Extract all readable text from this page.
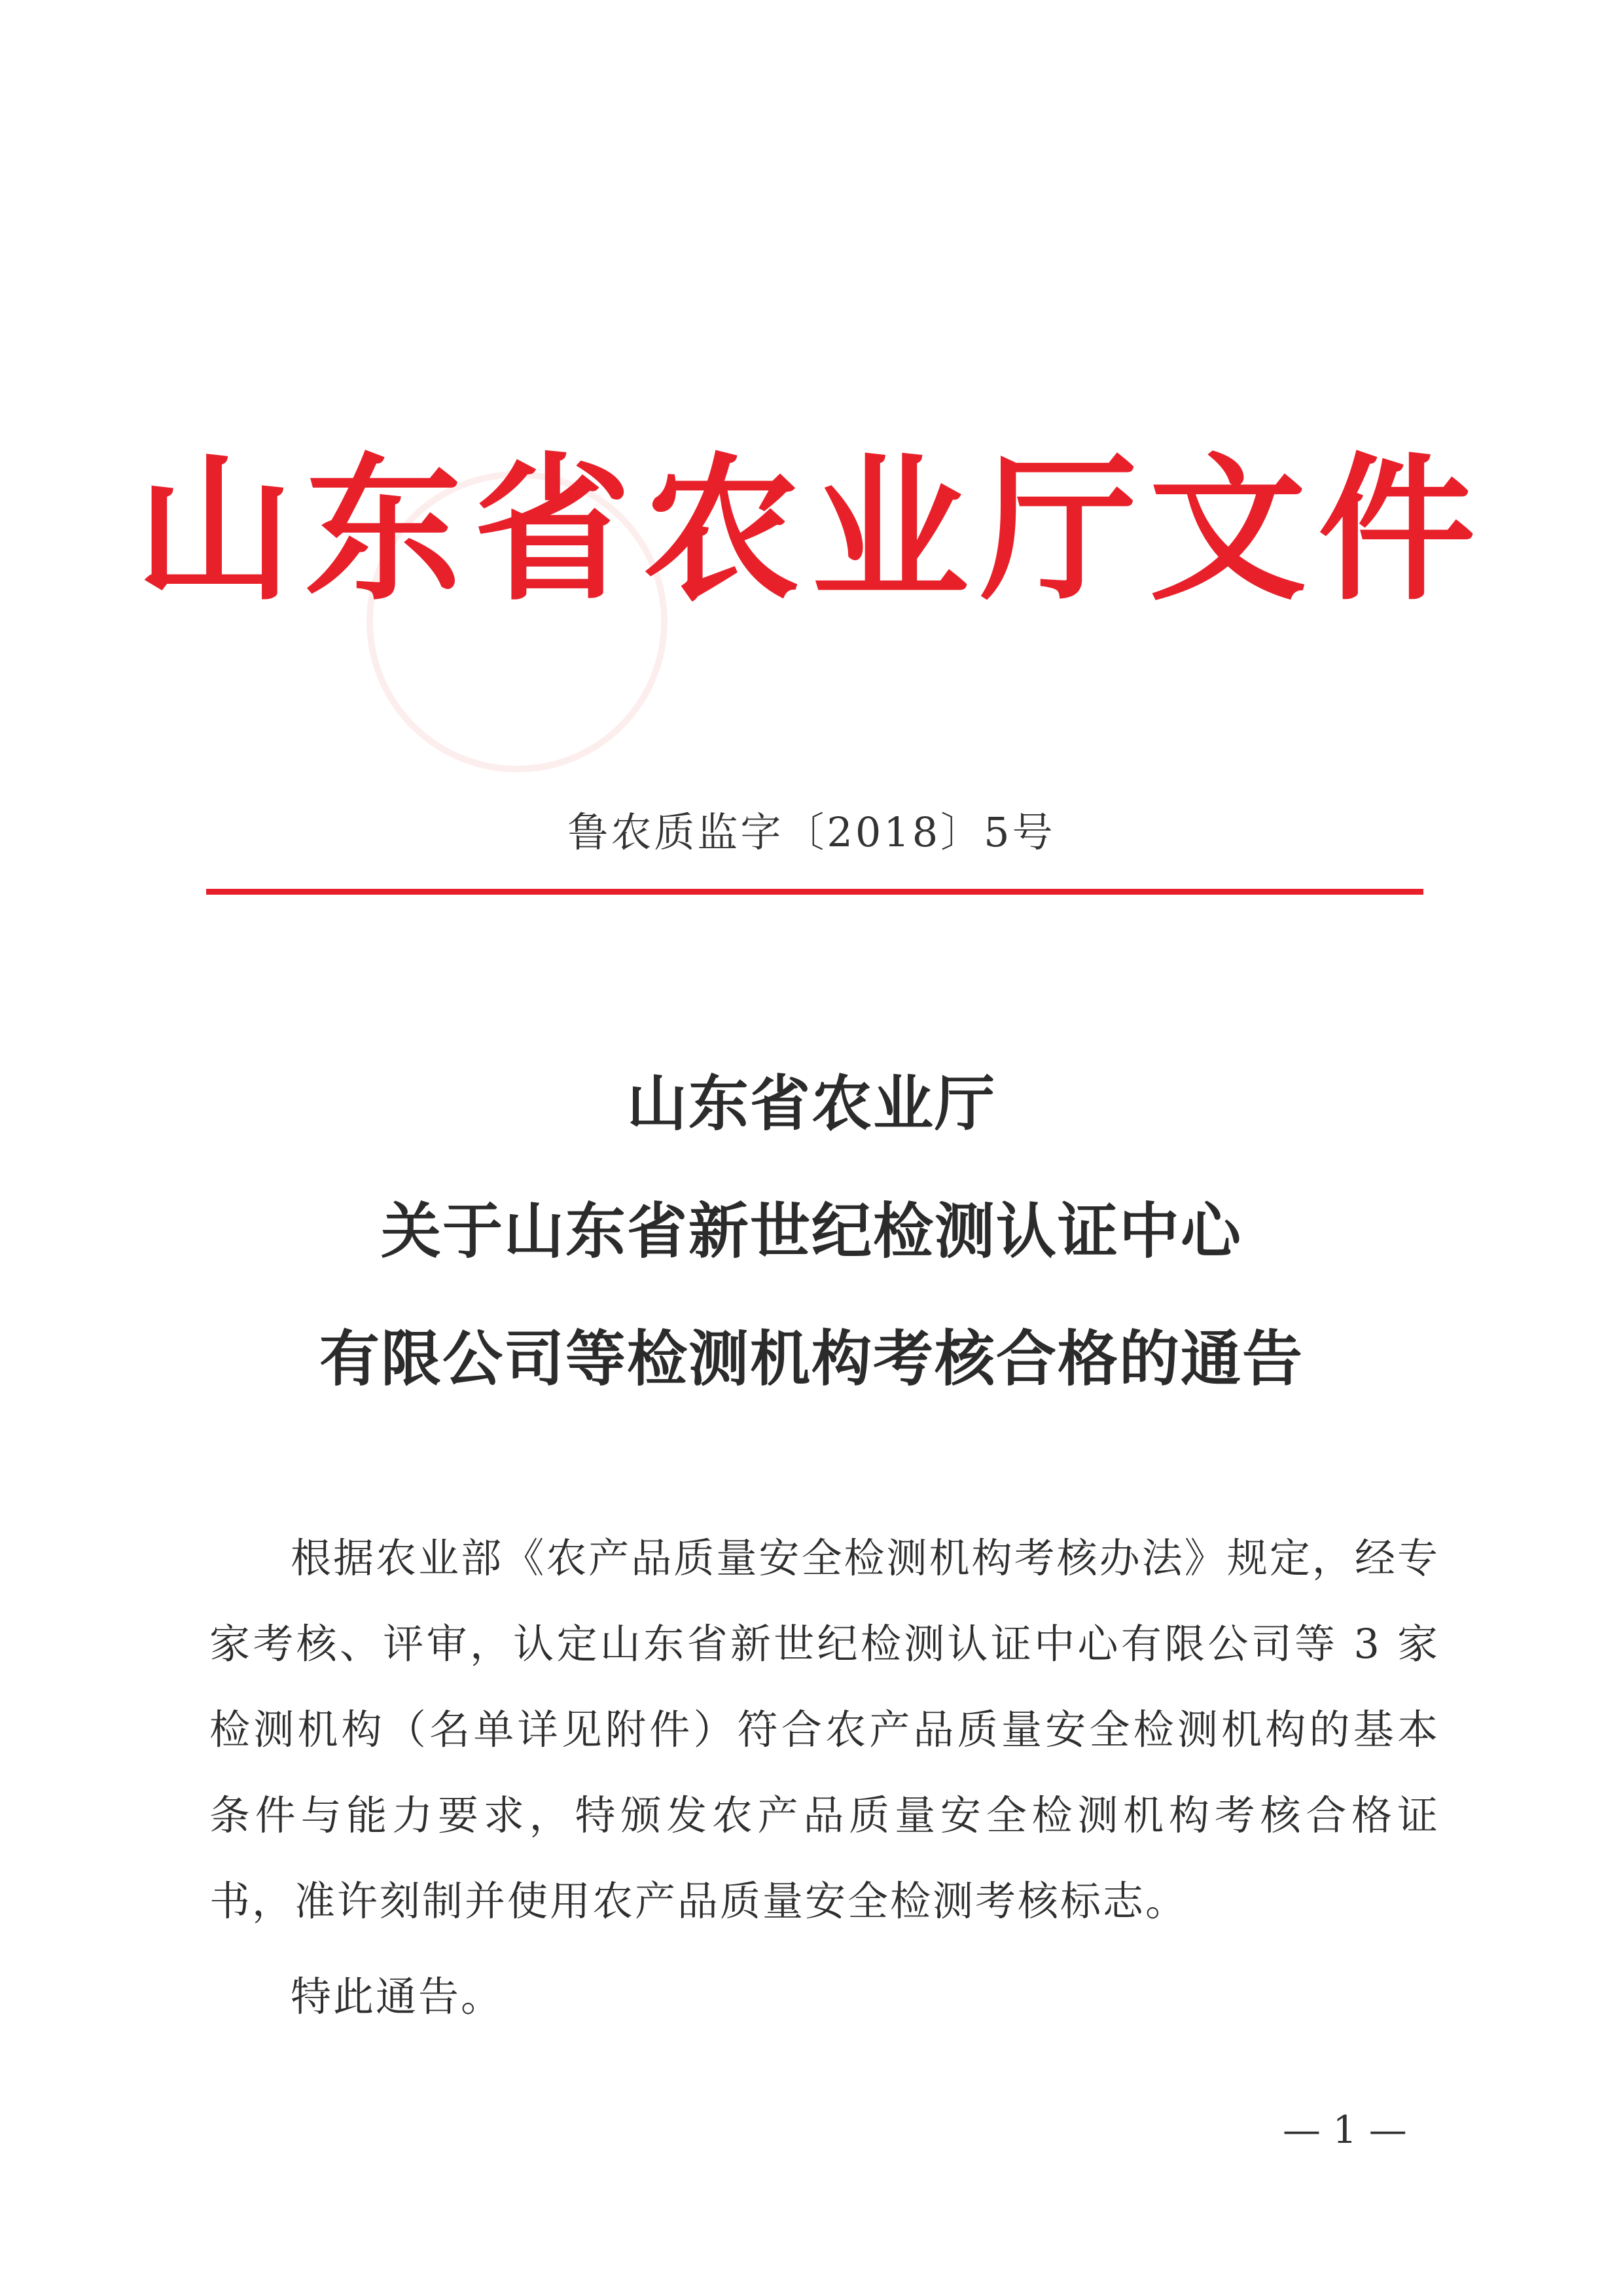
山东省农业厅文件
鲁农质监字〔2018〕5号
山东省农业厅
关于山东省新世纪检测认证中心
有限公司等检测机构考核合格的通告

根据农业部《农产品质量安全检测机构考核办法》规定，经专家考核、评审，认定山东省新世纪检测认证中心有限公司等 3 家检测机构（名单详见附件）符合农产品质量安全检测机构的基本条件与能力要求，特颁发农产品质量安全检测机构考核合格证书，准许刻制并使用农产品质量安全检测考核标志。

特此通告。
— 1 —
